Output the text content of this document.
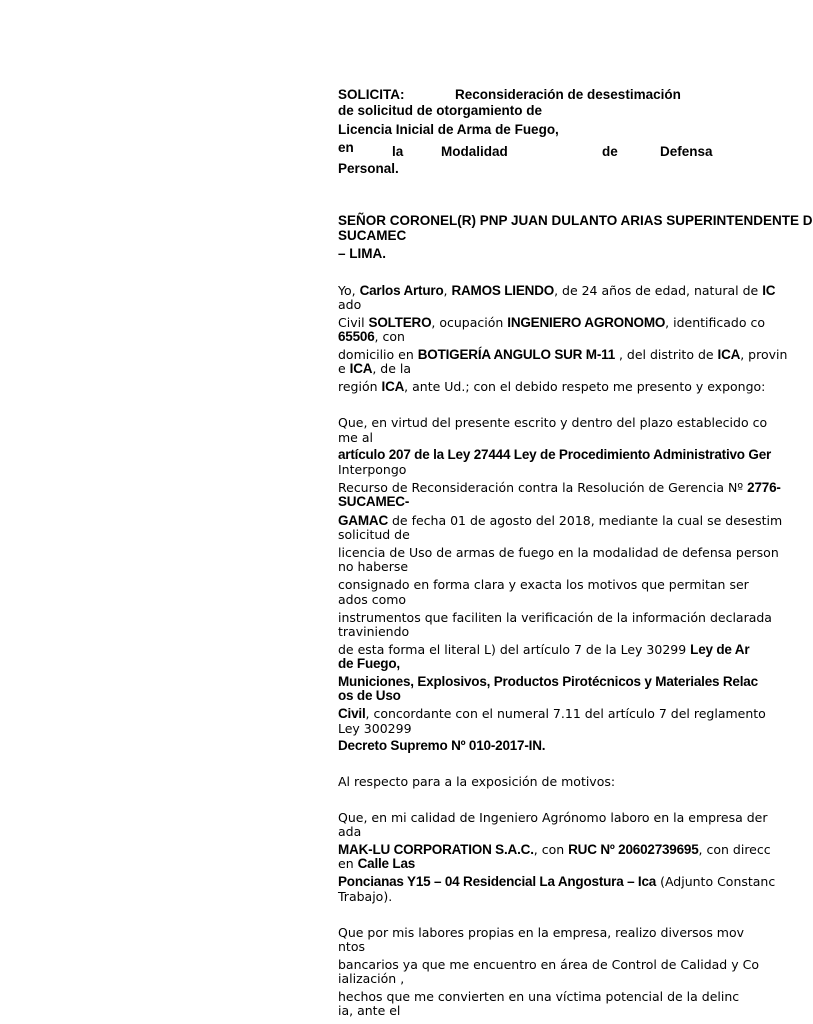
SOLICITA:	Reconsideración de desestimación
de solicitud de otorgamiento de
Licencia Inicial de Arma de Fuego,
en	la	Modalidad	de	Defensa
Personal.
SEÑOR CORONEL(R) PNP JUAN DULANTO ARIAS SUPERINTENDENTE D
SUCAMEC
– LIMA.
Yo, Carlos Arturo, RAMOS LIENDO, de 24 años de edad, natural de IC
ado
Civil SOLTERO, ocupación INGENIERO AGRONOMO, identificado co
65506, con
domicilio en BOTIGERÍA ANGULO SUR M-11 , del distrito de ICA, provin
e ICA, de la
región ICA, ante Ud.; con el debido respeto me presento y expongo:
Que, en virtud del presente escrito y dentro del plazo establecido co
me al
artículo 207 de la Ley 27444 Ley de Procedimiento Administrativo Ger
Interpongo
Recurso de Reconsideración contra la Resolución de Gerencia Nº 2776-
SUCAMEC-
GAMAC de fecha 01 de agosto del 2018, mediante la cual se desestim
solicitud de
licencia de Uso de armas de fuego en la modalidad de defensa person
no haberse
consignado en forma clara y exacta los motivos que permitan ser
ados como
instrumentos que faciliten la verificación de la información declarada
traviniendo
de esta forma el literal L) del artículo 7 de la Ley 30299 Ley de Ar
de Fuego,
Municiones, Explosivos, Productos Pirotécnicos y Materiales Relac
os de Uso
Civil, concordante con el numeral 7.11 del artículo 7 del reglamento
Ley 300299
Decreto Supremo Nº 010-2017-IN.
Al respecto para a la exposición de motivos:
Que, en mi calidad de Ingeniero Agrónomo laboro en la empresa der
ada
MAK-LU CORPORATION S.A.C., con RUC Nº 20602739695, con direcc
en Calle Las
Poncianas Y15 – 04 Residencial La Angostura – Ica (Adjunto Constanc
Trabajo).
Que por mis labores propias en la empresa, realizo diversos mov
ntos
bancarios ya que me encuentro en área de Control de Calidad y Co
ialización ,
hechos que me convierten en una víctima potencial de la delinc
ia, ante el
